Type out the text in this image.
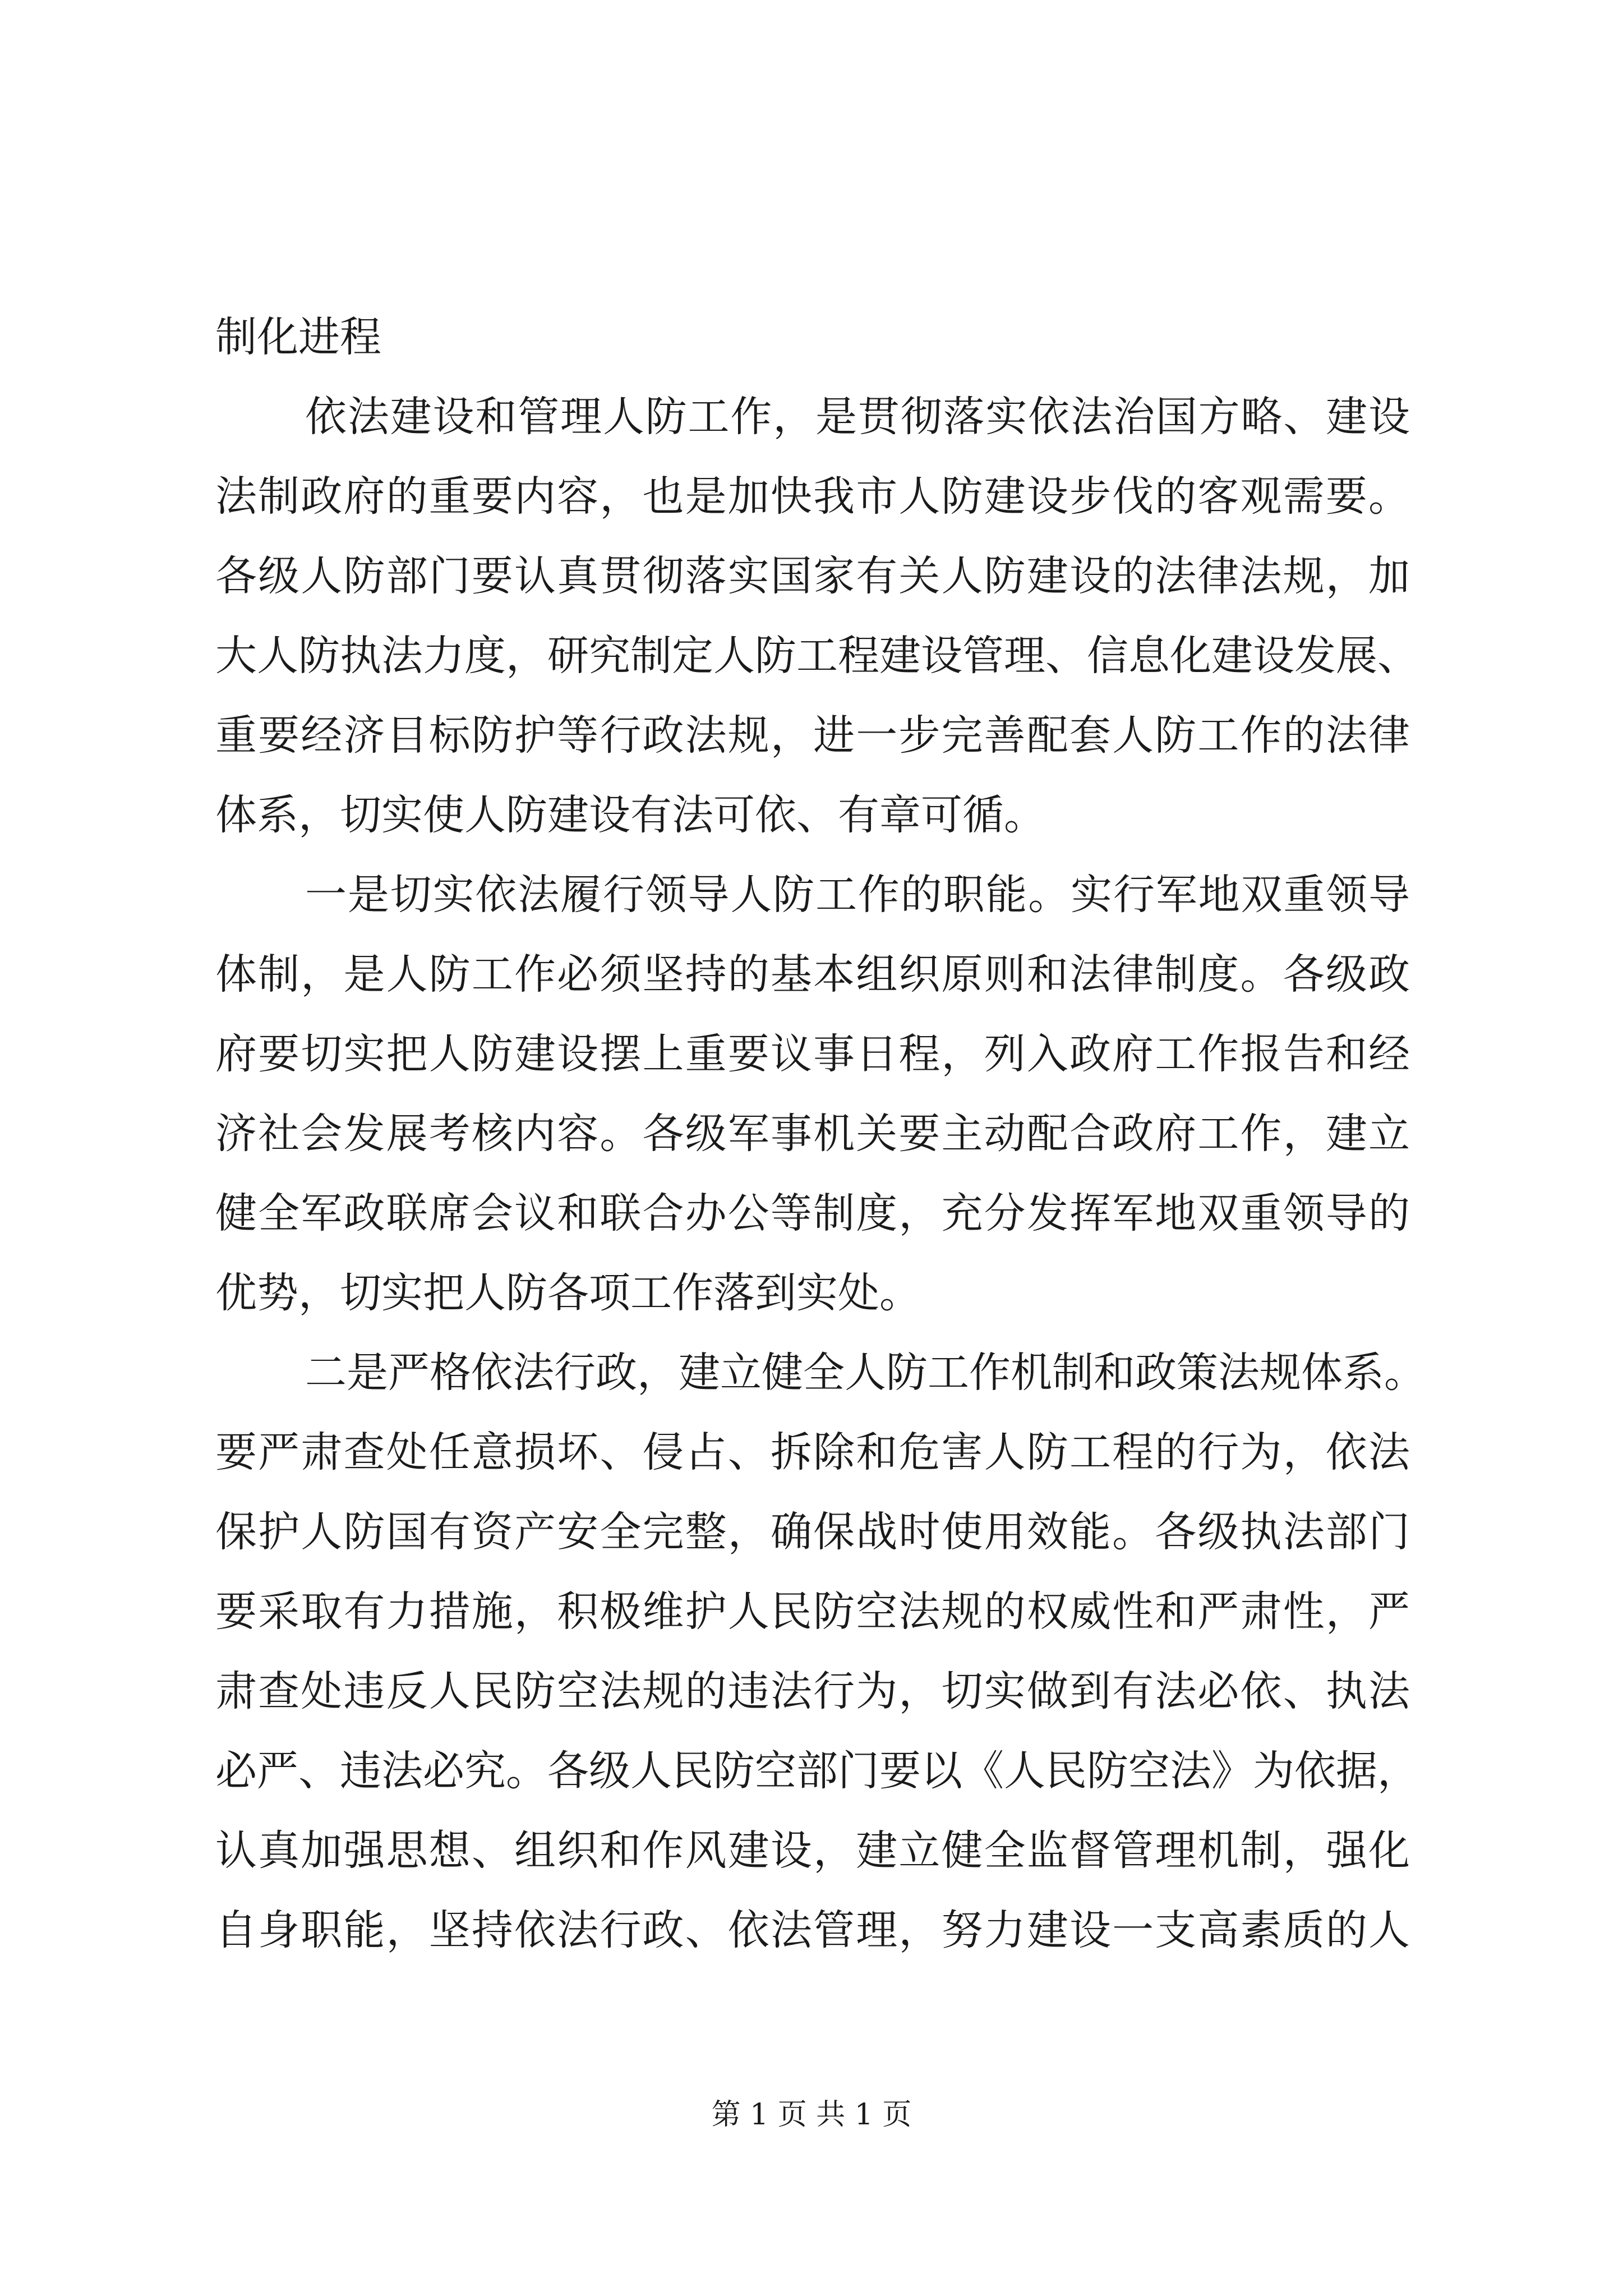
制化进程
依法建设和管理人防工作，是贯彻落实依法治国方略、建设
法制政府的重要内容，也是加快我市人防建设步伐的客观需要。
各级人防部门要认真贯彻落实国家有关人防建设的法律法规，加
大人防执法力度，研究制定人防工程建设管理、信息化建设发展、
重要经济目标防护等行政法规，进一步完善配套人防工作的法律
体系，切实使人防建设有法可依、有章可循。
一是切实依法履行领导人防工作的职能。实行军地双重领导
体制，是人防工作必须坚持的基本组织原则和法律制度。各级政
府要切实把人防建设摆上重要议事日程，列入政府工作报告和经
济社会发展考核内容。各级军事机关要主动配合政府工作，建立
健全军政联席会议和联合办公等制度，充分发挥军地双重领导的
优势，切实把人防各项工作落到实处。
二是严格依法行政，建立健全人防工作机制和政策法规体系。
要严肃查处任意损坏、侵占、拆除和危害人防工程的行为，依法
保护人防国有资产安全完整，确保战时使用效能。各级执法部门
要采取有力措施，积极维护人民防空法规的权威性和严肃性，严
肃查处违反人民防空法规的违法行为，切实做到有法必依、执法
必严、违法必究。各级人民防空部门要以《人民防空法》为依据，
认真加强思想、组织和作风建设，建立健全监督管理机制，强化
自身职能，坚持依法行政、依法管理，努力建设一支高素质的人
第 1 页 共 1 页
